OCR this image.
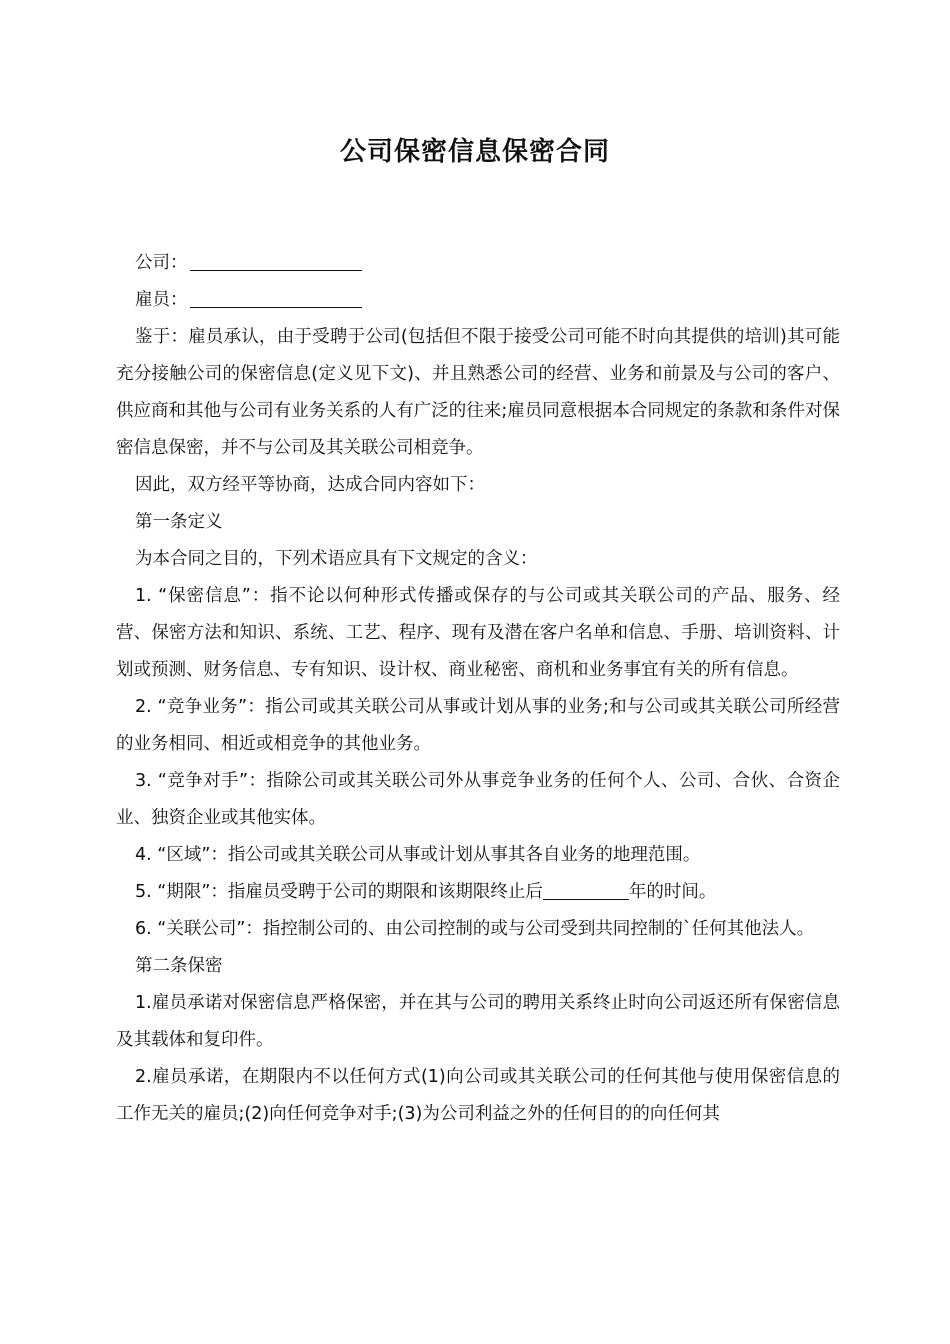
公司保密信息保密合同

公司：

雇员：

鉴于：雇员承认，由于受聘于公司(包括但不限于接受公司可能不时向其提供的培训)其可能充分接触公司的保密信息(定义见下文)、并且熟悉公司的经营、业务和前景及与公司的客户、供应商和其他与公司有业务关系的人有广泛的往来;雇员同意根据本合同规定的条款和条件对保密信息保密，并不与公司及其关联公司相竞争。

因此，双方经平等协商，达成合同内容如下：

第一条定义

为本合同之目的，下列术语应具有下文规定的含义：

1. “保密信息”：指不论以何种形式传播或保存的与公司或其关联公司的产品、服务、经营、保密方法和知识、系统、工艺、程序、现有及潜在客户名单和信息、手册、培训资料、计划或预测、财务信息、专有知识、设计权、商业秘密、商机和业务事宜有关的所有信息。

2. “竞争业务”：指公司或其关联公司从事或计划从事的业务;和与公司或其关联公司所经营的业务相同、相近或相竞争的其他业务。

3. “竞争对手”：指除公司或其关联公司外从事竞争业务的任何个人、公司、合伙、合资企业、独资企业或其他实体。

4. “区域”：指公司或其关联公司从事或计划从事其各自业务的地理范围。

5. “期限”：指雇员受聘于公司的期限和该期限终止后	年的时间。

6. “关联公司”：指控制公司的、由公司控制的或与公司受到共同控制的`任何其他法人。

第二条保密

1.雇员承诺对保密信息严格保密，并在其与公司的聘用关系终止时向公司返还所有保密信息及其载体和复印件。

2.雇员承诺，在期限内不以任何方式(1)向公司或其关联公司的任何其他与使用保密信息的工作无关的雇员;(2)向任何竞争对手;(3)为公司利益之外的任何目的的向任何其
